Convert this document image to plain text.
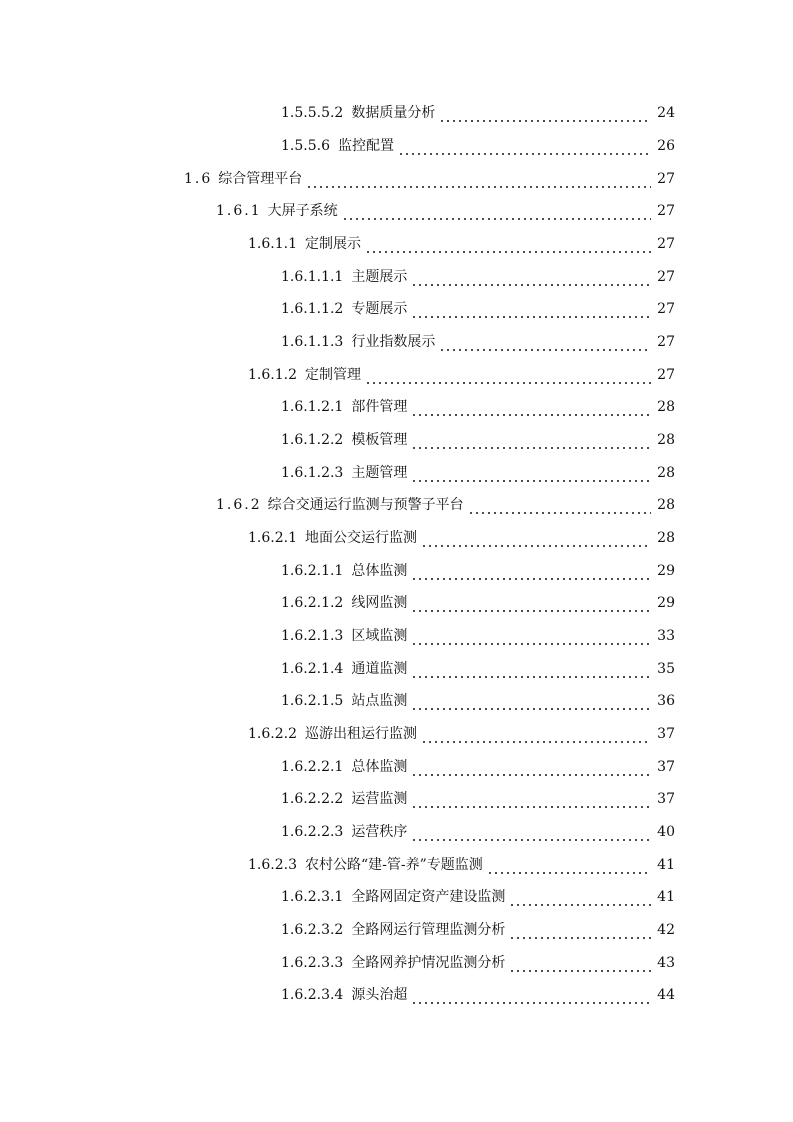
1.5.5.5.2 数据质量分析	24
1.5.5.6 监控配置	26
1.6 综合管理平台	27
1.6.1 大屏子系统	27
1.6.1.1 定制展示	27
1.6.1.1.1 主题展示	27
1.6.1.1.2 专题展示	27
1.6.1.1.3 行业指数展示	27
1.6.1.2 定制管理	27
1.6.1.2.1 部件管理	28
1.6.1.2.2 模板管理	28
1.6.1.2.3 主题管理	28
1.6.2 综合交通运行监测与预警子平台	28
1.6.2.1 地面公交运行监测	28
1.6.2.1.1 总体监测	29
1.6.2.1.2 线网监测	29
1.6.2.1.3 区域监测	33
1.6.2.1.4 通道监测	35
1.6.2.1.5 站点监测	36
1.6.2.2 巡游出租运行监测	37
1.6.2.2.1 总体监测	37
1.6.2.2.2 运营监测	37
1.6.2.2.3 运营秩序	40
1.6.2.3 农村公路“建-管-养”专题监测	41
1.6.2.3.1 全路网固定资产建设监测	41
1.6.2.3.2 全路网运行管理监测分析	42
1.6.2.3.3 全路网养护情况监测分析	43
1.6.2.3.4 源头治超	44
